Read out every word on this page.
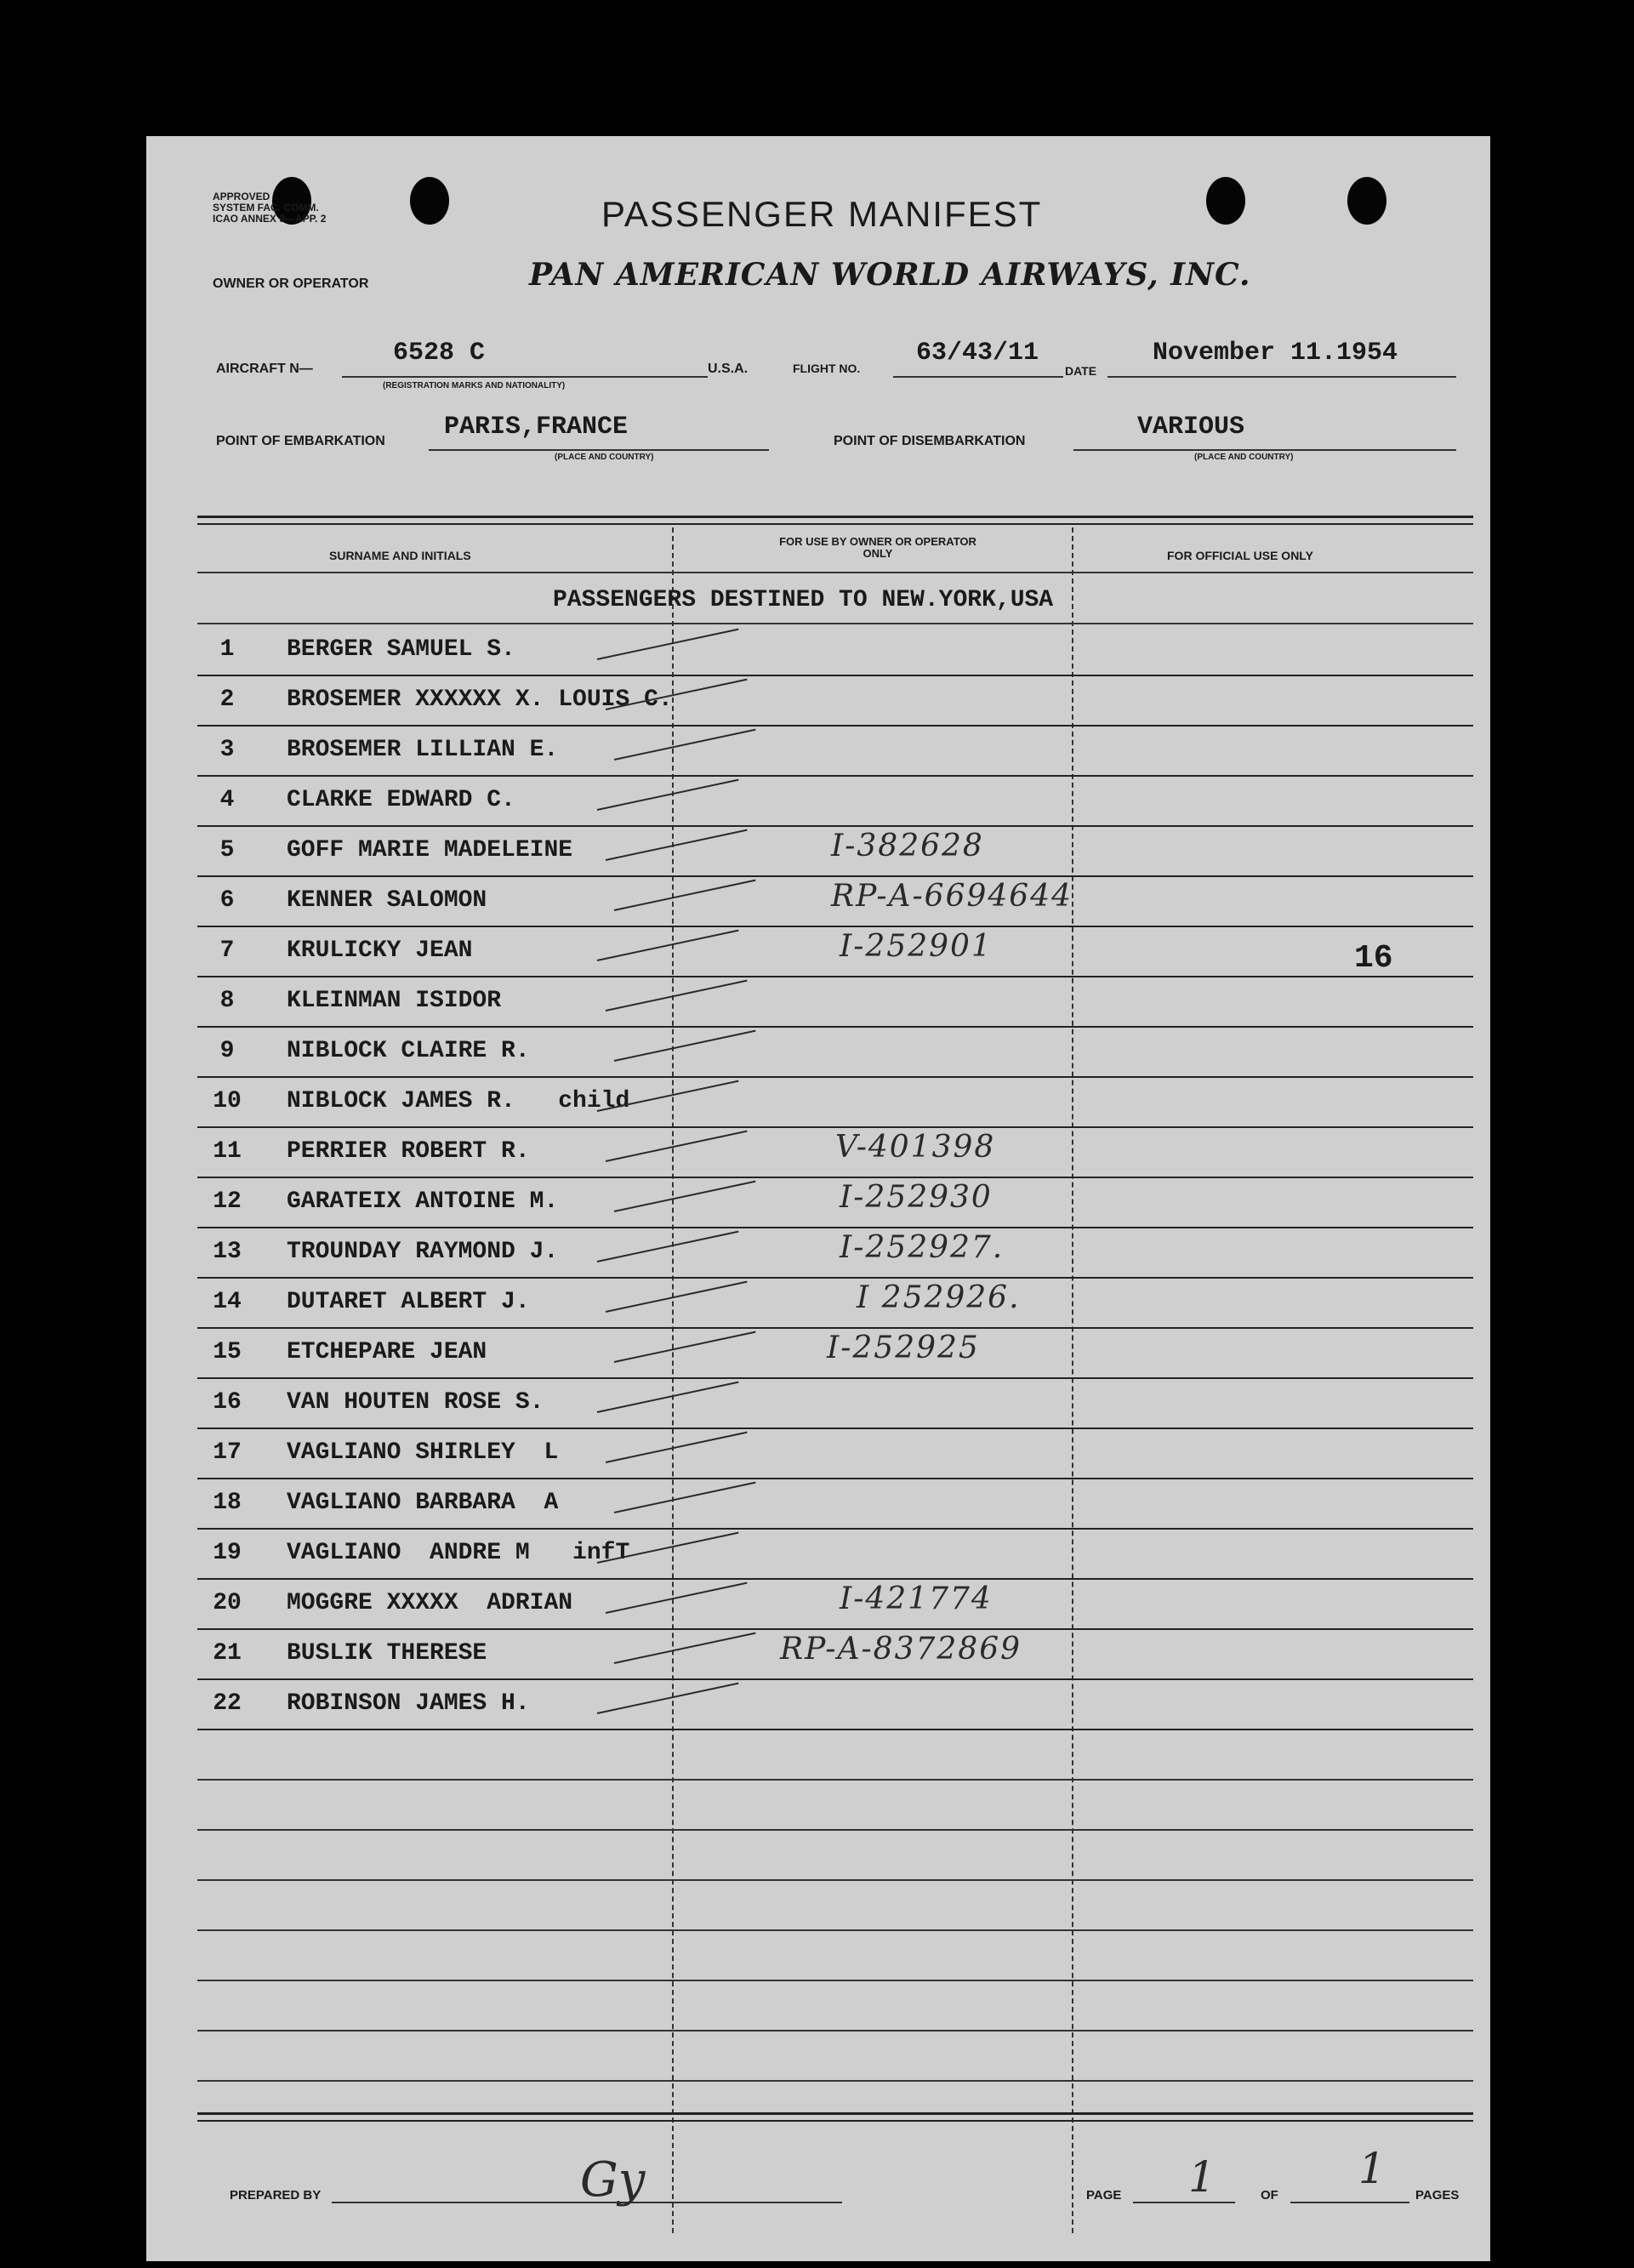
APPROVED
SYSTEM FAC. COMM.
ICAO ANNEX 9—APP. 2	PASSENGER MANIFEST
OWNER OR OPERATOR	PAN AMERICAN WORLD AIRWAYS, INC.
AIRCRAFT N—
6528 C
(REGISTRATION MARKS AND NATIONALITY)
U.S.A.	FLIGHT NO.
63/43/11
DATE
November 11.1954
POINT OF EMBARKATION PARIS,FRANCE
(PLACE AND COUNTRY)
POINT OF DISEMBARKATION	VARIOUS
(PLACE AND COUNTRY)
SURNAME AND INITIALS
FOR USE BY OWNER OR OPERATOR ONLY	FOR OFFICIAL USE ONLY
PASSENGERS DESTINED TO NEW.YORK,USA
16
1	BERGER SAMUEL S.
2	BROSEMER XXXXXX X. LOUIS C.
3	BROSEMER LILLIAN E.
4	CLARKE EDWARD C.
5	GOFF MARIE MADELEINE	I-382628
6	KENNER SALOMON	RP-A-6694644
7	KRULICKY JEAN	I-252901
8	KLEINMAN ISIDOR
9	NIBLOCK CLAIRE R.
10	NIBLOCK JAMES R.   child
11	PERRIER ROBERT R.	V-401398
12	GARATEIX ANTOINE M.	I-252930
13	TROUNDAY RAYMOND J.	I-252927.
14	DUTARET ALBERT J.	I 252926.
15	ETCHEPARE JEAN	I-252925
16	VAN HOUTEN ROSE S.
17	VAGLIANO SHIRLEY  L
18	VAGLIANO BARBARA  A
19	VAGLIANO  ANDRE M   infT
20	MOGGRE XXXXX  ADRIAN	I-421774
21	BUSLIK THERESE	RP-A-8372869
22	ROBINSON JAMES H.
PREPARED BY	Gy	PAGE 1	OF
1
PAGES
